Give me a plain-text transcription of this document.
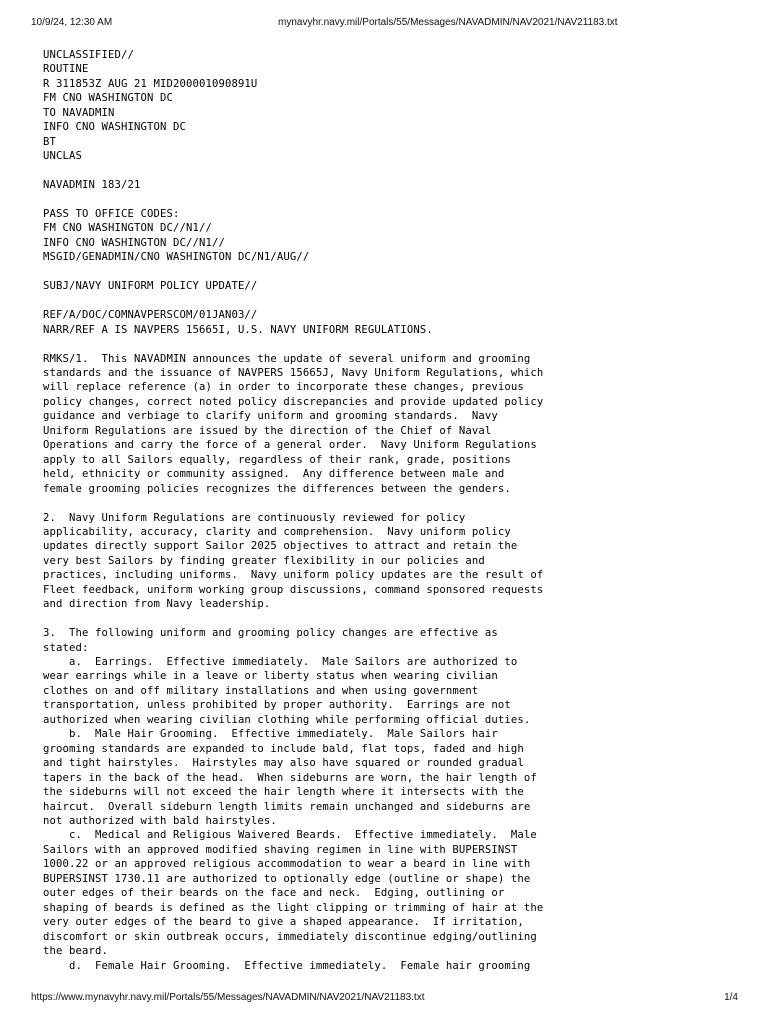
10/9/24, 12:30 AM	mynavyhr.navy.mil/Portals/55/Messages/NAVADMIN/NAV2021/NAV21183.txt
UNCLASSIFIED//
ROUTINE
R 311853Z AUG 21 MID200001090891U
FM CNO WASHINGTON DC
TO NAVADMIN
INFO CNO WASHINGTON DC
BT
UNCLAS

NAVADMIN 183/21

PASS TO OFFICE CODES:
FM CNO WASHINGTON DC//N1//
INFO CNO WASHINGTON DC//N1//
MSGID/GENADMIN/CNO WASHINGTON DC/N1/AUG//

SUBJ/NAVY UNIFORM POLICY UPDATE//

REF/A/DOC/COMNAVPERSCOM/01JAN03//
NARR/REF A IS NAVPERS 15665I, U.S. NAVY UNIFORM REGULATIONS.

RMKS/1.  This NAVADMIN announces the update of several uniform and grooming
standards and the issuance of NAVPERS 15665J, Navy Uniform Regulations, which
will replace reference (a) in order to incorporate these changes, previous
policy changes, correct noted policy discrepancies and provide updated policy
guidance and verbiage to clarify uniform and grooming standards.  Navy
Uniform Regulations are issued by the direction of the Chief of Naval
Operations and carry the force of a general order.  Navy Uniform Regulations
apply to all Sailors equally, regardless of their rank, grade, positions
held, ethnicity or community assigned.  Any difference between male and
female grooming policies recognizes the differences between the genders.

2.  Navy Uniform Regulations are continuously reviewed for policy
applicability, accuracy, clarity and comprehension.  Navy uniform policy
updates directly support Sailor 2025 objectives to attract and retain the
very best Sailors by finding greater flexibility in our policies and
practices, including uniforms.  Navy uniform policy updates are the result of
Fleet feedback, uniform working group discussions, command sponsored requests
and direction from Navy leadership.

3.  The following uniform and grooming policy changes are effective as
stated:
a.  Earrings.  Effective immediately.  Male Sailors are authorized to
wear earrings while in a leave or liberty status when wearing civilian
clothes on and off military installations and when using government
transportation, unless prohibited by proper authority.  Earrings are not
authorized when wearing civilian clothing while performing official duties.
b.  Male Hair Grooming.  Effective immediately.  Male Sailors hair
grooming standards are expanded to include bald, flat tops, faded and high
and tight hairstyles.  Hairstyles may also have squared or rounded gradual
tapers in the back of the head.  When sideburns are worn, the hair length of
the sideburns will not exceed the hair length where it intersects with the
haircut.  Overall sideburn length limits remain unchanged and sideburns are
not authorized with bald hairstyles.
c.  Medical and Religious Waivered Beards.  Effective immediately.  Male
Sailors with an approved modified shaving regimen in line with BUPERSINST
1000.22 or an approved religious accommodation to wear a beard in line with
BUPERSINST 1730.11 are authorized to optionally edge (outline or shape) the
outer edges of their beards on the face and neck.  Edging, outlining or
shaping of beards is defined as the light clipping or trimming of hair at the
very outer edges of the beard to give a shaped appearance.  If irritation,
discomfort or skin outbreak occurs, immediately discontinue edging/outlining
the beard.
d.  Female Hair Grooming.  Effective immediately.  Female hair grooming
https://www.mynavyhr.navy.mil/Portals/55/Messages/NAVADMIN/NAV2021/NAV21183.txt	1/4
